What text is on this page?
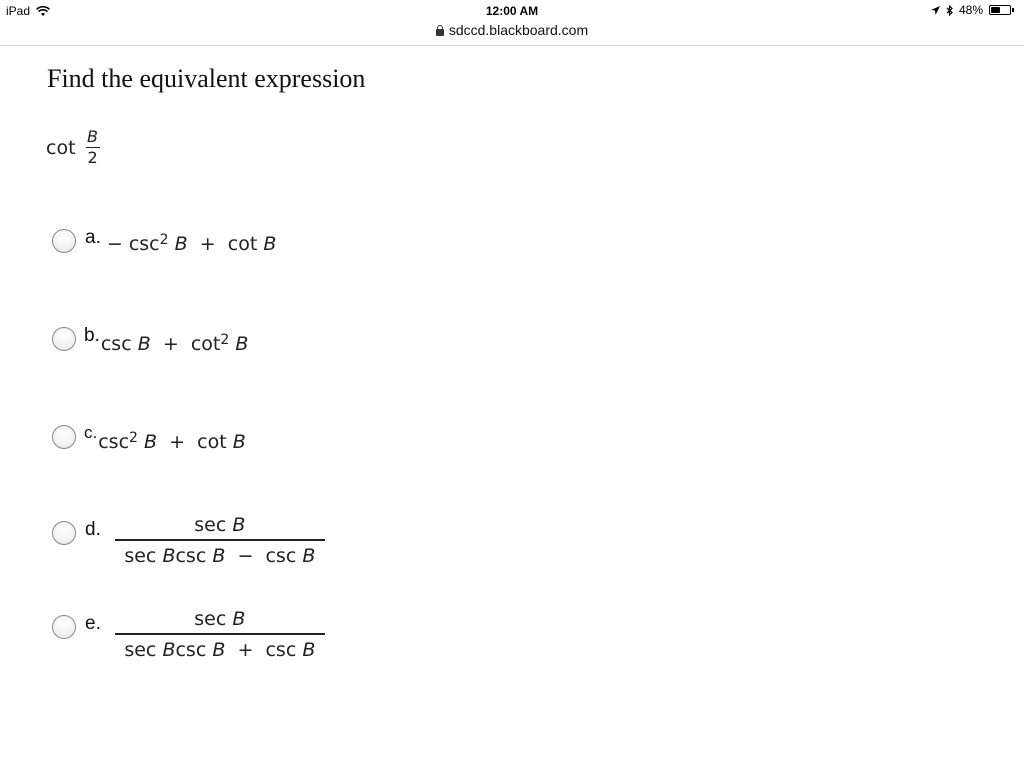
iPad	12:00 AM	48%
sdccd.blackboard.com
Find the equivalent expression
$\cot \frac{B}{2}$
a. −
$\csc^2$
B
+
cot
B
b. csc
B
+
$\cot^2$
B
c. $\csc^2$
B
+
cot
B
d. $\frac{\text{sec B}}{\text{sec Bcsc B − csc B}}$
e. $\frac{\text{sec B}}{\text{sec Bcsc B + csc B}}$
